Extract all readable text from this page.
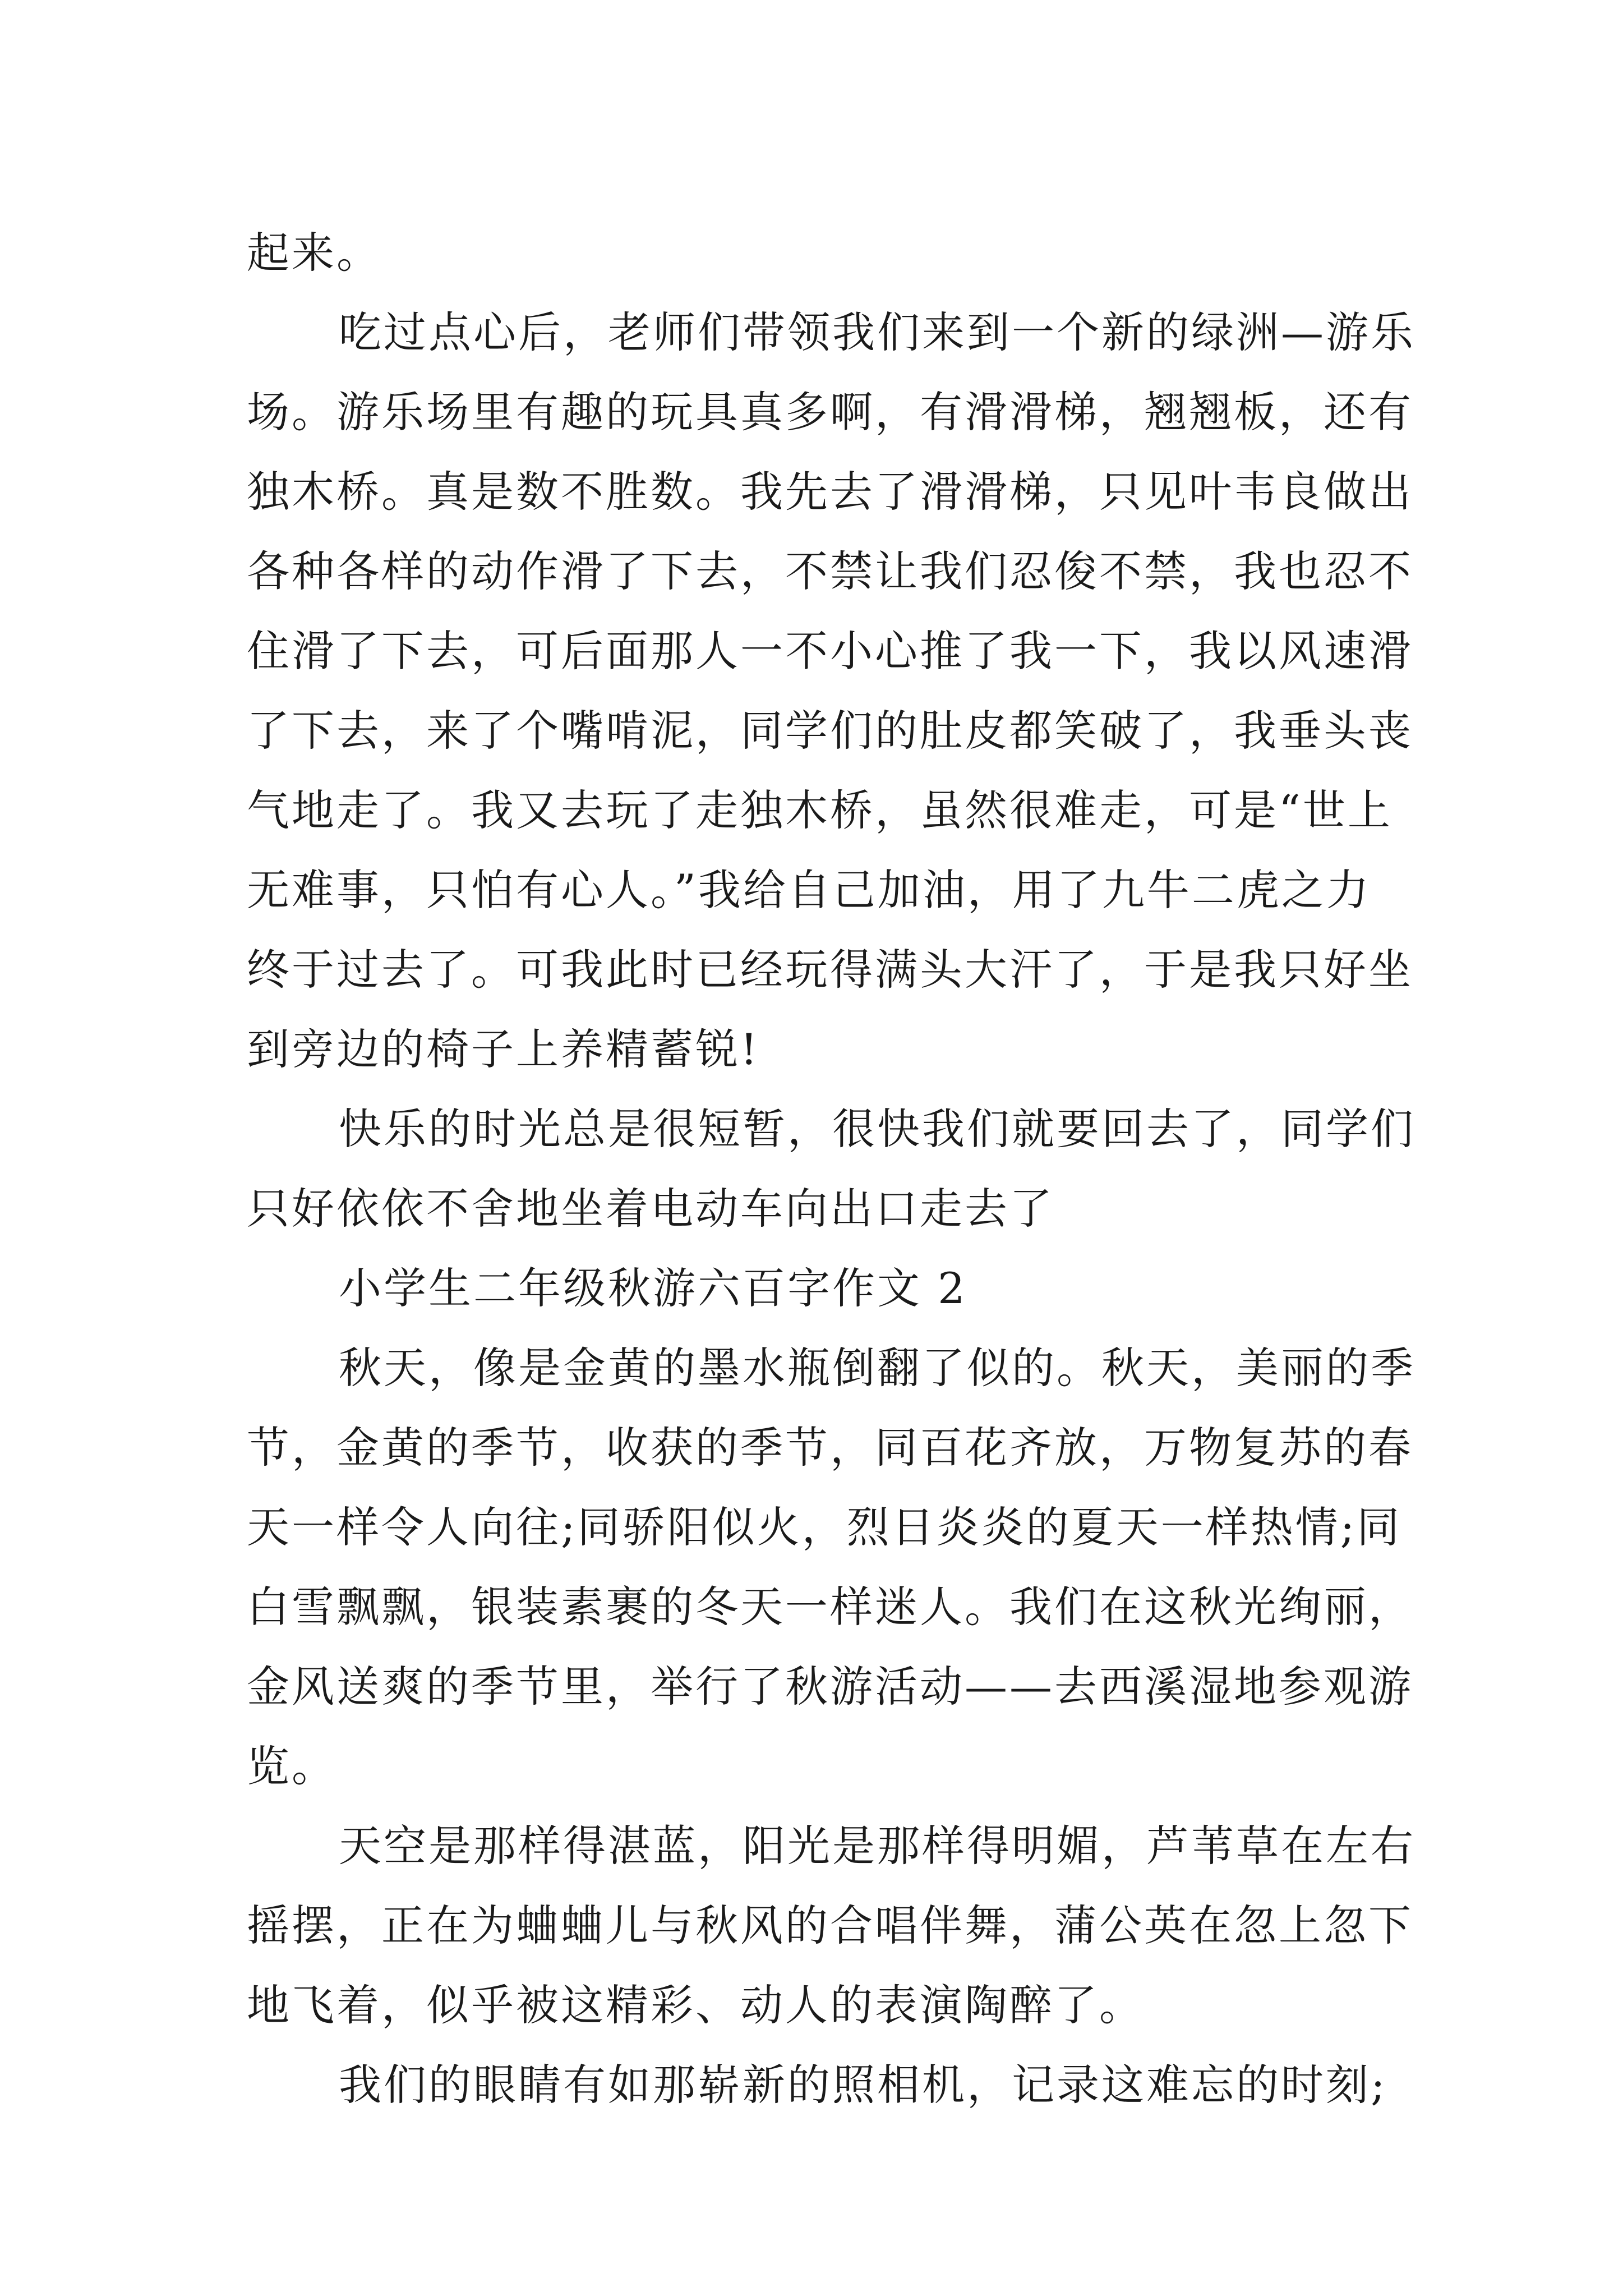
起来。

吃过点心后，老师们带领我们来到一个新的绿洲—游乐
场。游乐场里有趣的玩具真多啊，有滑滑梯，翘翘板，还有
独木桥。真是数不胜数。我先去了滑滑梯，只见叶韦良做出
各种各样的动作滑了下去，不禁让我们忍俊不禁，我也忍不
住滑了下去，可后面那人一不小心推了我一下，我以风速滑
了下去，来了个嘴啃泥，同学们的肚皮都笑破了，我垂头丧
气地走了。我又去玩了走独木桥，虽然很难走，可是“世上
无难事，只怕有心人。”我给自己加油，用了九牛二虎之力
终于过去了。可我此时已经玩得满头大汗了，于是我只好坐
到旁边的椅子上养精蓄锐!

快乐的时光总是很短暂，很快我们就要回去了，同学们
只好依依不舍地坐着电动车向出口走去了

小学生二年级秋游六百字作文 2

秋天，像是金黄的墨水瓶倒翻了似的。秋天，美丽的季
节，金黄的季节，收获的季节，同百花齐放，万物复苏的春
天一样令人向往;同骄阳似火，烈日炎炎的夏天一样热情;同
白雪飘飘，银装素裹的冬天一样迷人。我们在这秋光绚丽，
金风送爽的季节里，举行了秋游活动——去西溪湿地参观游
览。

天空是那样得湛蓝，阳光是那样得明媚，芦苇草在左右
摇摆，正在为蛐蛐儿与秋风的合唱伴舞，蒲公英在忽上忽下
地飞着，似乎被这精彩、动人的表演陶醉了。

我们的眼睛有如那崭新的照相机，记录这难忘的时刻;
